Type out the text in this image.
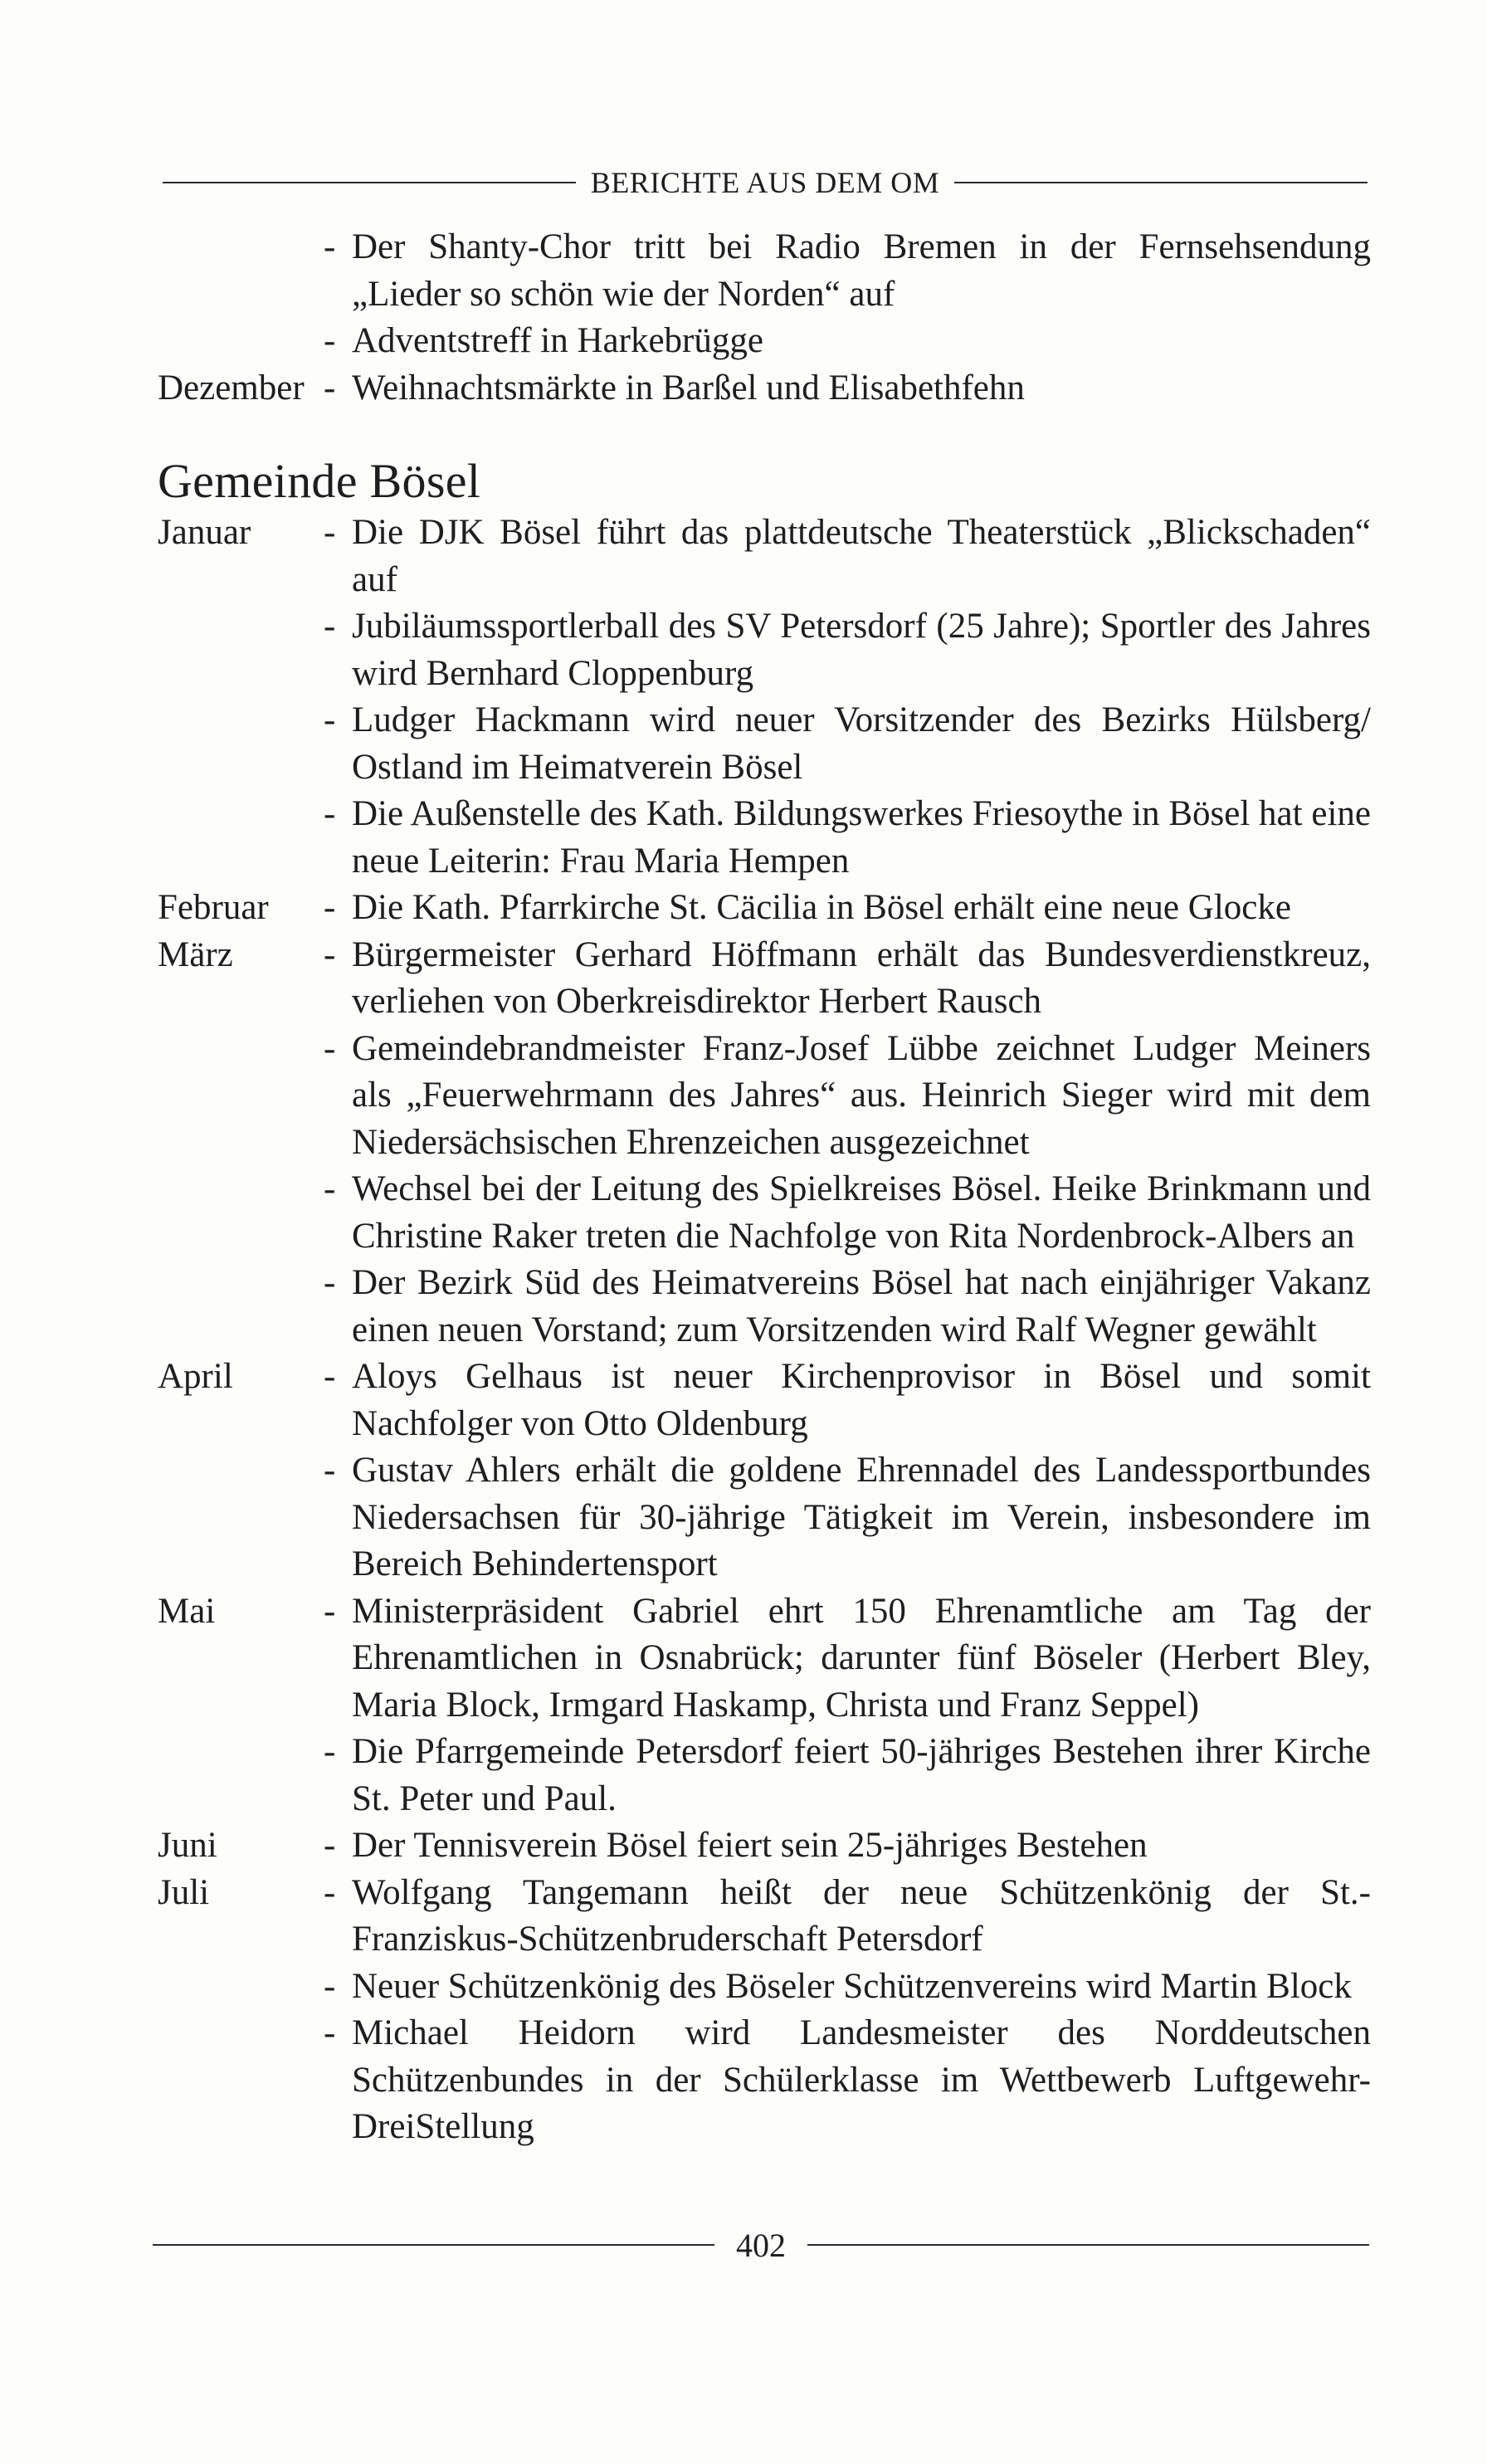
BERICHTE AUS DEM OM
- Der Shanty-Chor tritt bei Radio Bremen in der Fernsehsendung „Lieder so schön wie der Norden“ auf
- Adventstreff in Harkebrügge
Dezember - Weihnachtsmärkte in Barßel und Elisabethfehn
Gemeinde Bösel
Januar	- Die DJK Bösel führt das plattdeutsche Theaterstück „Blickschaden“ auf
- Jubiläumssportlerball des SV Petersdorf (25 Jahre); Sportler des Jahres wird Bernhard Cloppenburg
- Ludger Hackmann wird neuer Vorsitzender des Bezirks Hülsberg/ Ostland im Heimatverein Bösel
- Die Außenstelle des Kath. Bildungswerkes Friesoythe in Bösel hat eine neue Leiterin: Frau Maria Hempen
Februar	- Die Kath. Pfarrkirche St. Cäcilia in Bösel erhält eine neue Glocke
März	- Bürgermeister Gerhard Höffmann erhält das Bundesverdienstkreuz, verliehen von Oberkreisdirektor Herbert Rausch
- Gemeindebrandmeister Franz-Josef Lübbe zeichnet Ludger Meiners als „Feuerwehrmann des Jahres“ aus. Heinrich Sieger wird mit dem Niedersächsischen Ehrenzeichen ausgezeichnet
- Wechsel bei der Leitung des Spielkreises Bösel. Heike Brinkmann und Christine Raker treten die Nachfolge von Rita Nordenbrock-Albers an
- Der Bezirk Süd des Heimatvereins Bösel hat nach einjähriger Vakanz einen neuen Vorstand; zum Vorsitzenden wird Ralf Wegner gewählt
April	- Aloys Gelhaus ist neuer Kirchenprovisor in Bösel und somit Nachfolger von Otto Oldenburg
- Gustav Ahlers erhält die goldene Ehrennadel des Landessportbundes Niedersachsen für 30-jährige Tätigkeit im Verein, insbesondere im Bereich Behindertensport
Mai	- Ministerpräsident Gabriel ehrt 150 Ehrenamtliche am Tag der Ehrenamtlichen in Osnabrück; darunter fünf Böseler (Herbert Bley, Maria Block, Irmgard Haskamp, Christa und Franz Seppel)
- Die Pfarrgemeinde Petersdorf feiert 50-jähriges Bestehen ihrer Kirche St. Peter und Paul.
Juni	- Der Tennisverein Bösel feiert sein 25-jähriges Bestehen
Juli	- Wolfgang Tangemann heißt der neue Schützenkönig der St.-Franziskus-Schützenbruderschaft Petersdorf
- Neuer Schützenkönig des Böseler Schützenvereins wird Martin Block
- Michael Heidorn wird Landesmeister des Norddeutschen Schützenbundes in der Schülerklasse im Wettbewerb Luftgewehr-DreiStellung
402
